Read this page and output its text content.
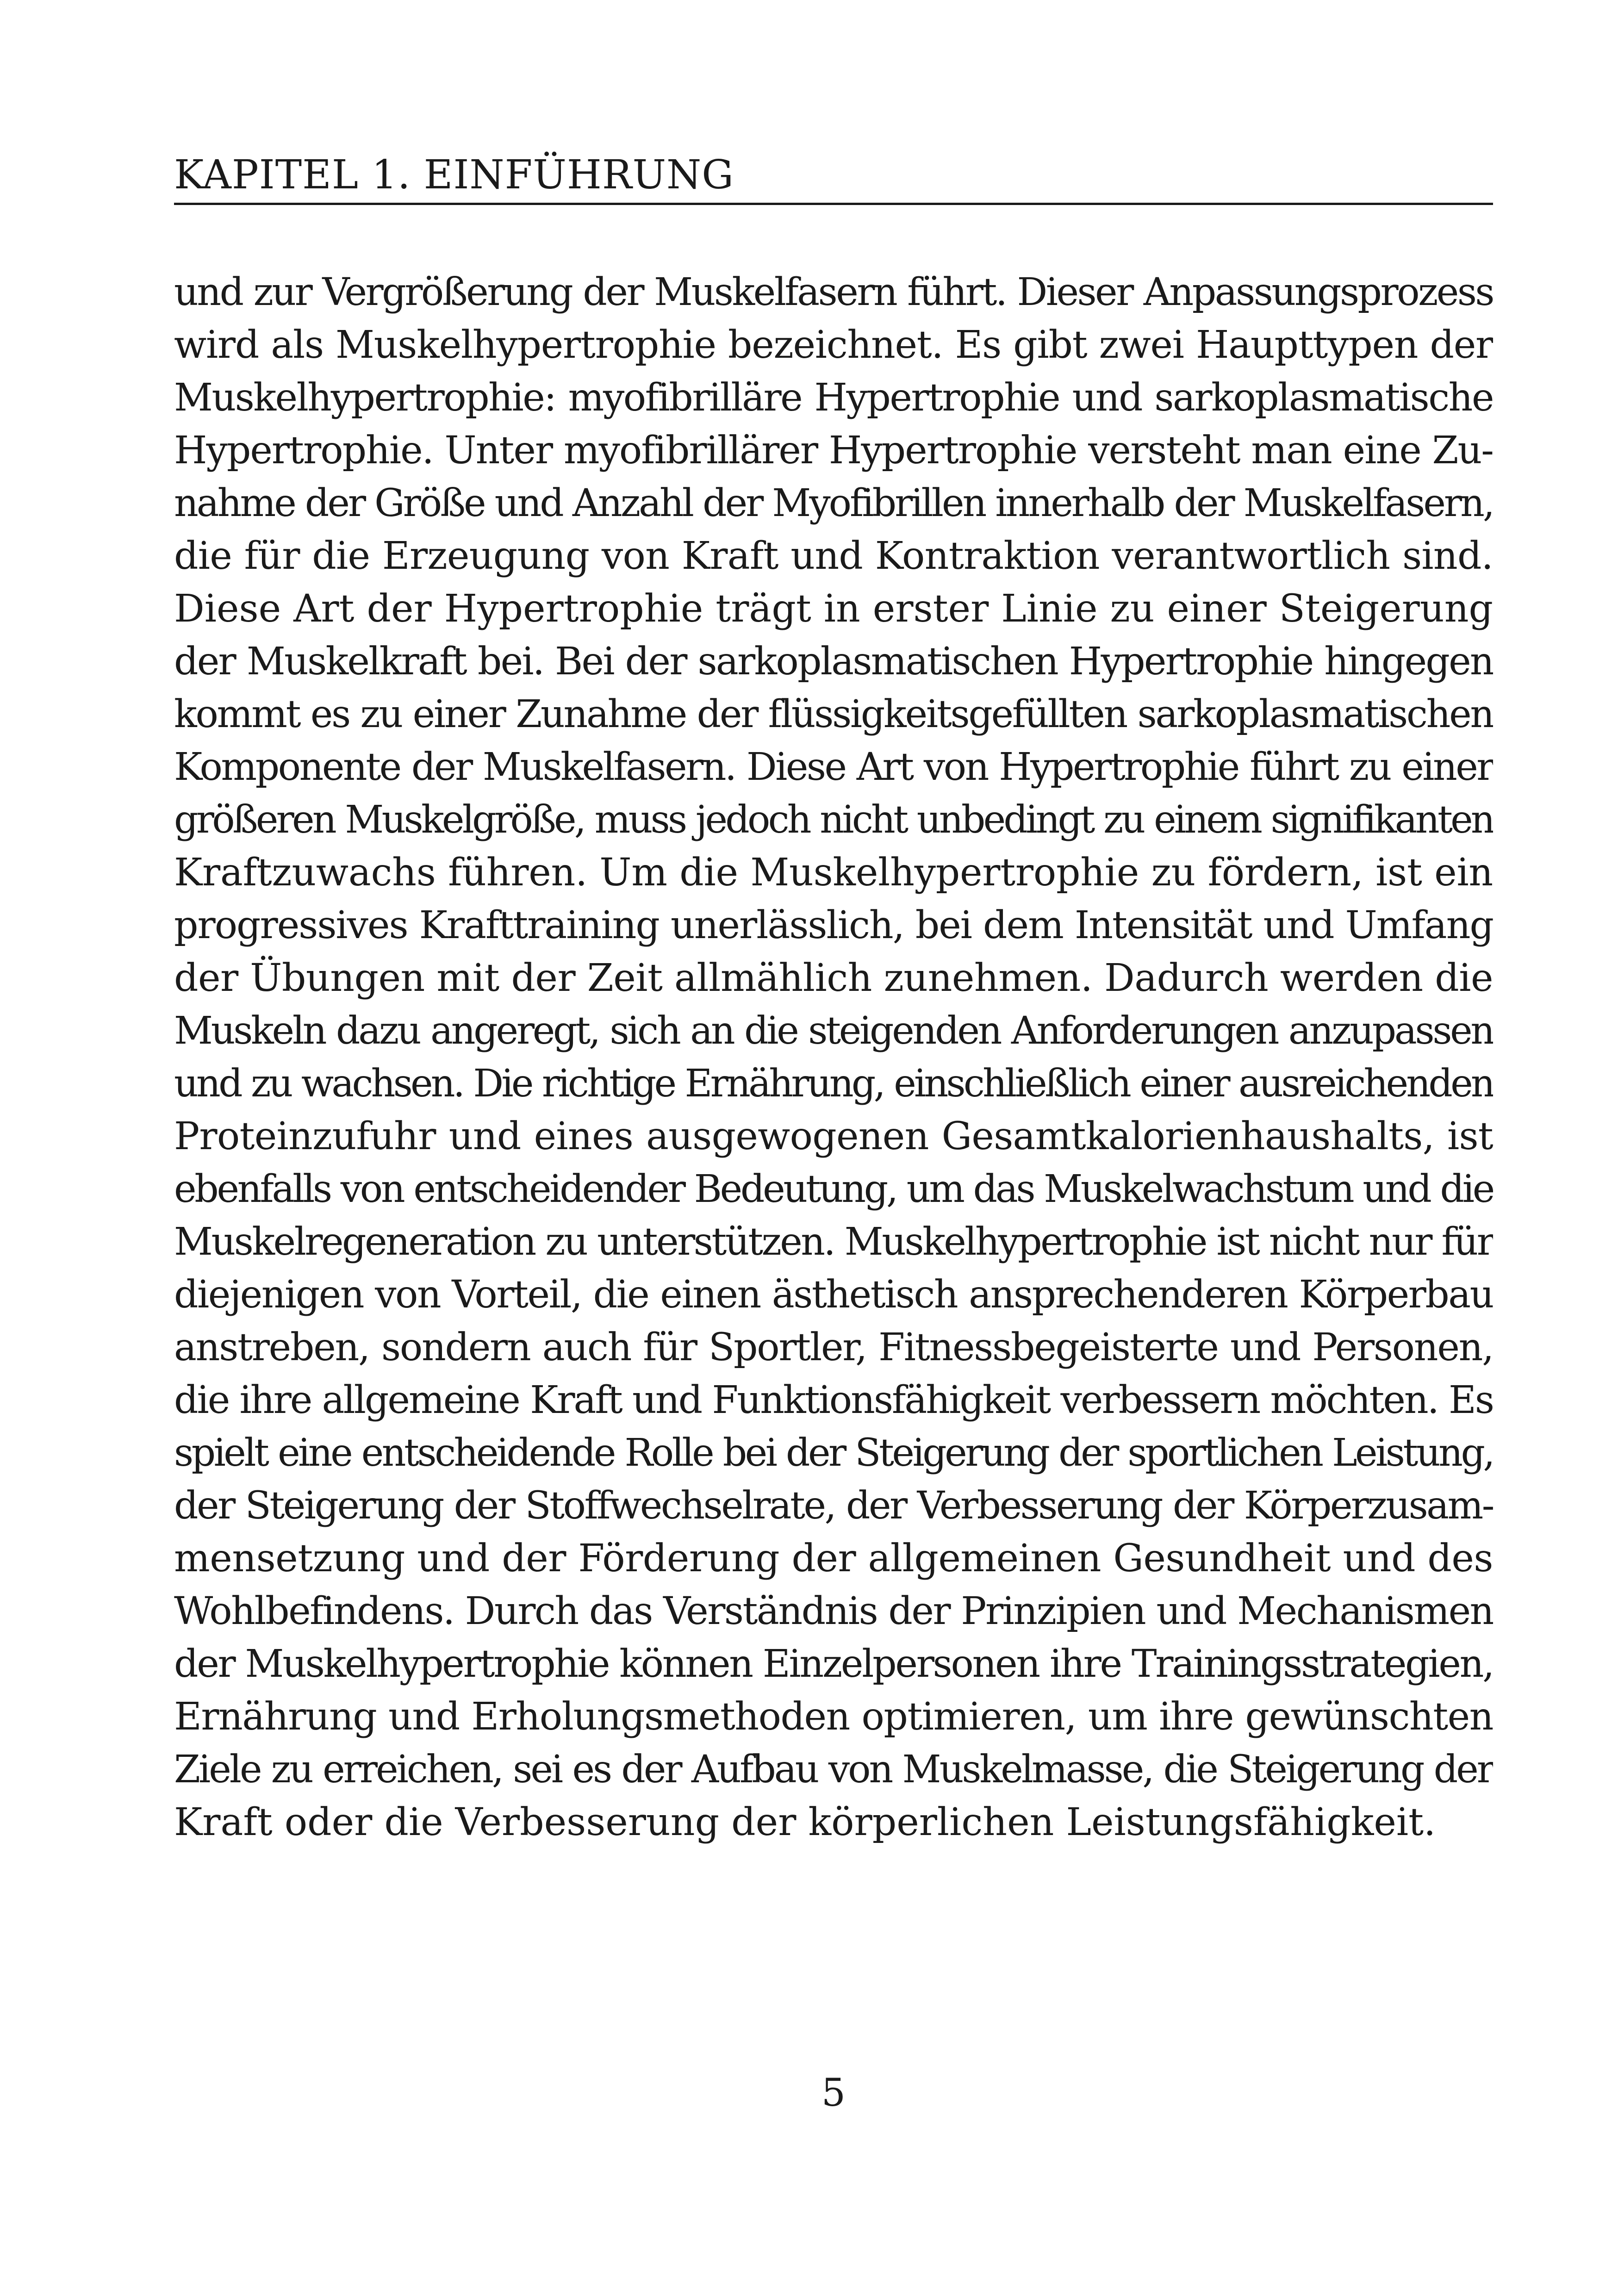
KAPITEL 1. EINFÜHRUNG
und zur Vergrößerung der Muskelfasern führt. Dieser Anpassungsprozess
wird als Muskelhypertrophie bezeichnet. Es gibt zwei Haupttypen der
Muskelhypertrophie: myofibrilläre Hypertrophie und sarkoplasmatische
Hypertrophie. Unter myofibrillärer Hypertrophie versteht man eine Zu-
nahme der Größe und Anzahl der Myofibrillen innerhalb der Muskelfasern,
die für die Erzeugung von Kraft und Kontraktion verantwortlich sind.
Diese Art der Hypertrophie trägt in erster Linie zu einer Steigerung
der Muskelkraft bei. Bei der sarkoplasmatischen Hypertrophie hingegen
kommt es zu einer Zunahme der flüssigkeitsgefüllten sarkoplasmatischen
Komponente der Muskelfasern. Diese Art von Hypertrophie führt zu einer
größeren Muskelgröße, muss jedoch nicht unbedingt zu einem signifikanten
Kraftzuwachs führen. Um die Muskelhypertrophie zu fördern, ist ein
progressives Krafttraining unerlässlich, bei dem Intensität und Umfang
der Übungen mit der Zeit allmählich zunehmen. Dadurch werden die
Muskeln dazu angeregt, sich an die steigenden Anforderungen anzupassen
und zu wachsen. Die richtige Ernährung, einschließlich einer ausreichenden
Proteinzufuhr und eines ausgewogenen Gesamtkalorienhaushalts, ist
ebenfalls von entscheidender Bedeutung, um das Muskelwachstum und die
Muskelregeneration zu unterstützen. Muskelhypertrophie ist nicht nur für
diejenigen von Vorteil, die einen ästhetisch ansprechenderen Körperbau
anstreben, sondern auch für Sportler, Fitnessbegeisterte und Personen,
die ihre allgemeine Kraft und Funktionsfähigkeit verbessern möchten. Es
spielt eine entscheidende Rolle bei der Steigerung der sportlichen Leistung,
der Steigerung der Stoffwechselrate, der Verbesserung der Körperzusam-
mensetzung und der Förderung der allgemeinen Gesundheit und des
Wohlbefindens. Durch das Verständnis der Prinzipien und Mechanismen
der Muskelhypertrophie können Einzelpersonen ihre Trainingsstrategien,
Ernährung und Erholungsmethoden optimieren, um ihre gewünschten
Ziele zu erreichen, sei es der Aufbau von Muskelmasse, die Steigerung der
Kraft oder die Verbesserung der körperlichen Leistungsfähigkeit.
5
